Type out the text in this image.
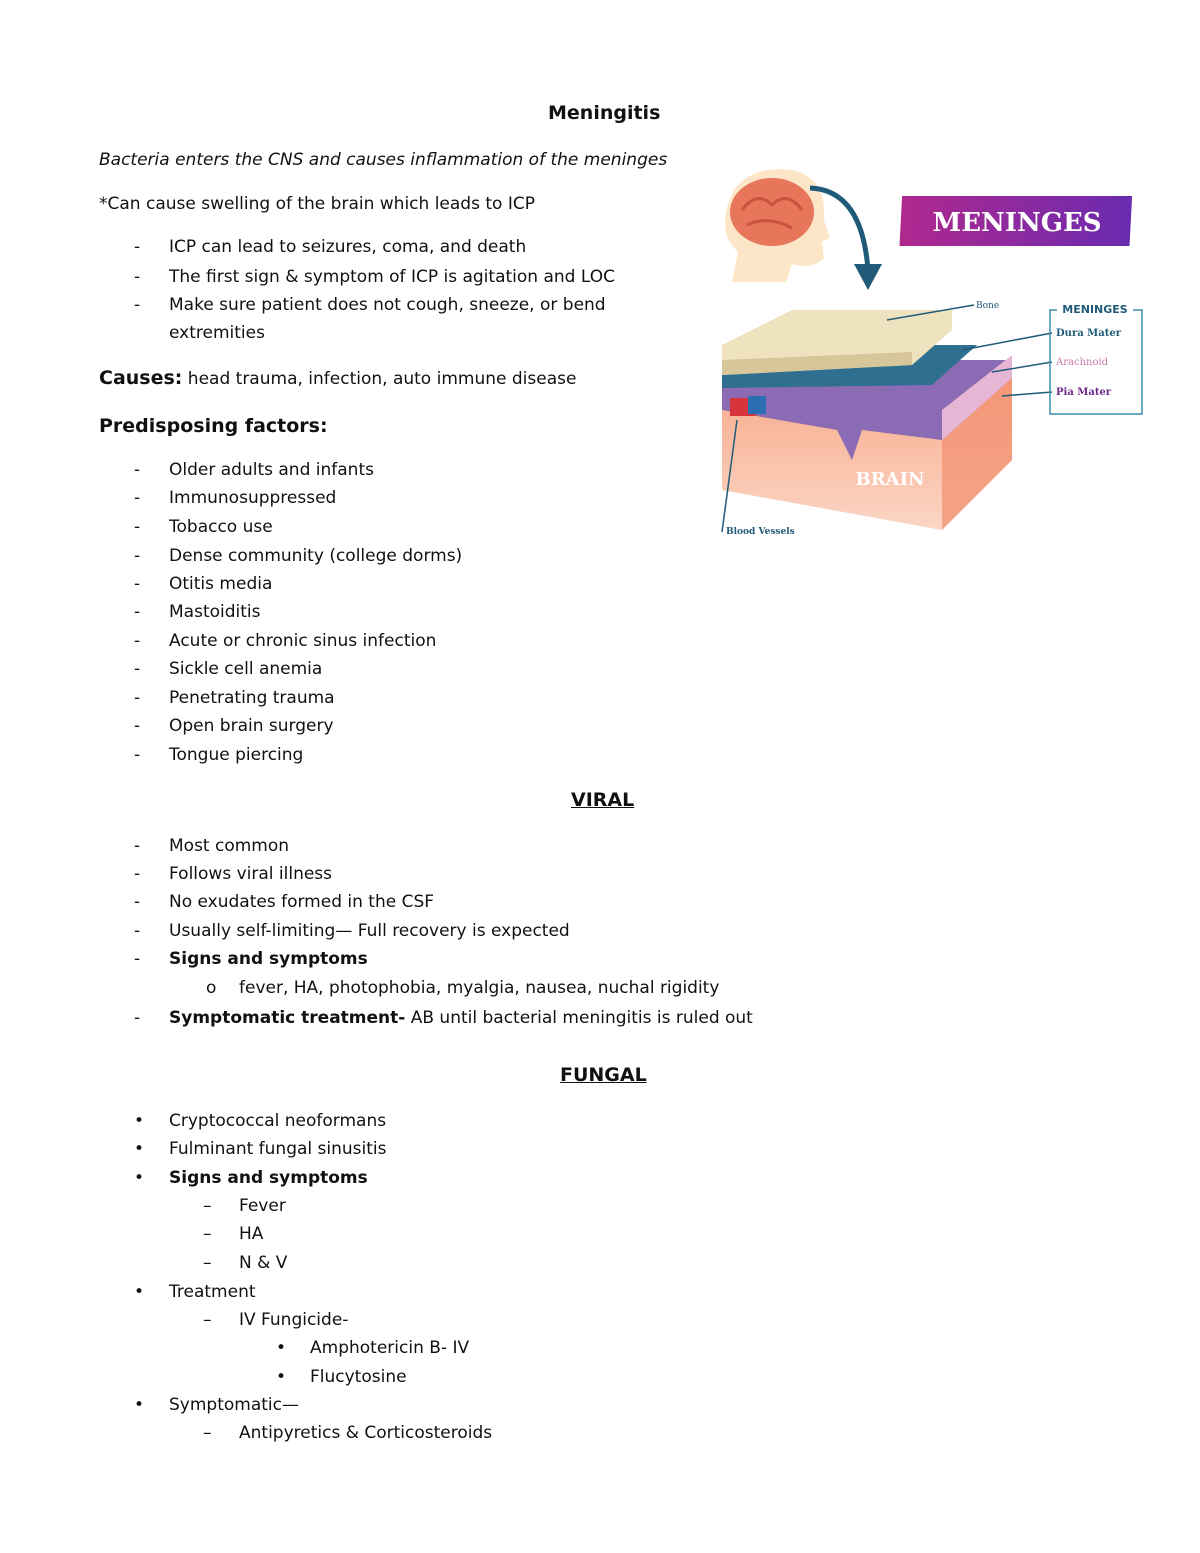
Meningitis
Bacteria enters the CNS and causes inflammation of the meninges
*Can cause swelling of the brain which leads to ICP
- ICP can lead to seizures, coma, and death
- The first sign & symptom of ICP is agitation and LOC
- Make sure patient does not cough, sneeze, or bend
extremities
Causes: head trauma, infection, auto immune disease
Predisposing factors:
- Older adults and infants
- Immunosuppressed
- Tobacco use
- Dense community (college dorms)
- Otitis media
- Mastoiditis
- Acute or chronic sinus infection
- Sickle cell anemia
- Penetrating trauma
- Open brain surgery
- Tongue piercing
VIRAL
- Most common
- Follows viral illness
- No exudates formed in the CSF
- Usually self-limiting— Full recovery is expected
- Signs and symptoms
o fever, HA, photophobia, myalgia, nausea, nuchal rigidity
- Symptomatic treatment- AB until bacterial meningitis is ruled out
FUNGAL
• Cryptococcal neoformans
• Fulminant fungal sinusitis
• Signs and symptoms
– Fever
– HA
– N & V
• Treatment
– IV Fungicide-
• Amphotericin B- IV
• Flucytosine
• Symptomatic—
– Antipyretics & Corticosteroids
MENINGES
BRAIN
Bone
Blood Vessels
MENINGES
Dura Mater
Arachnoid
Pia Mater
